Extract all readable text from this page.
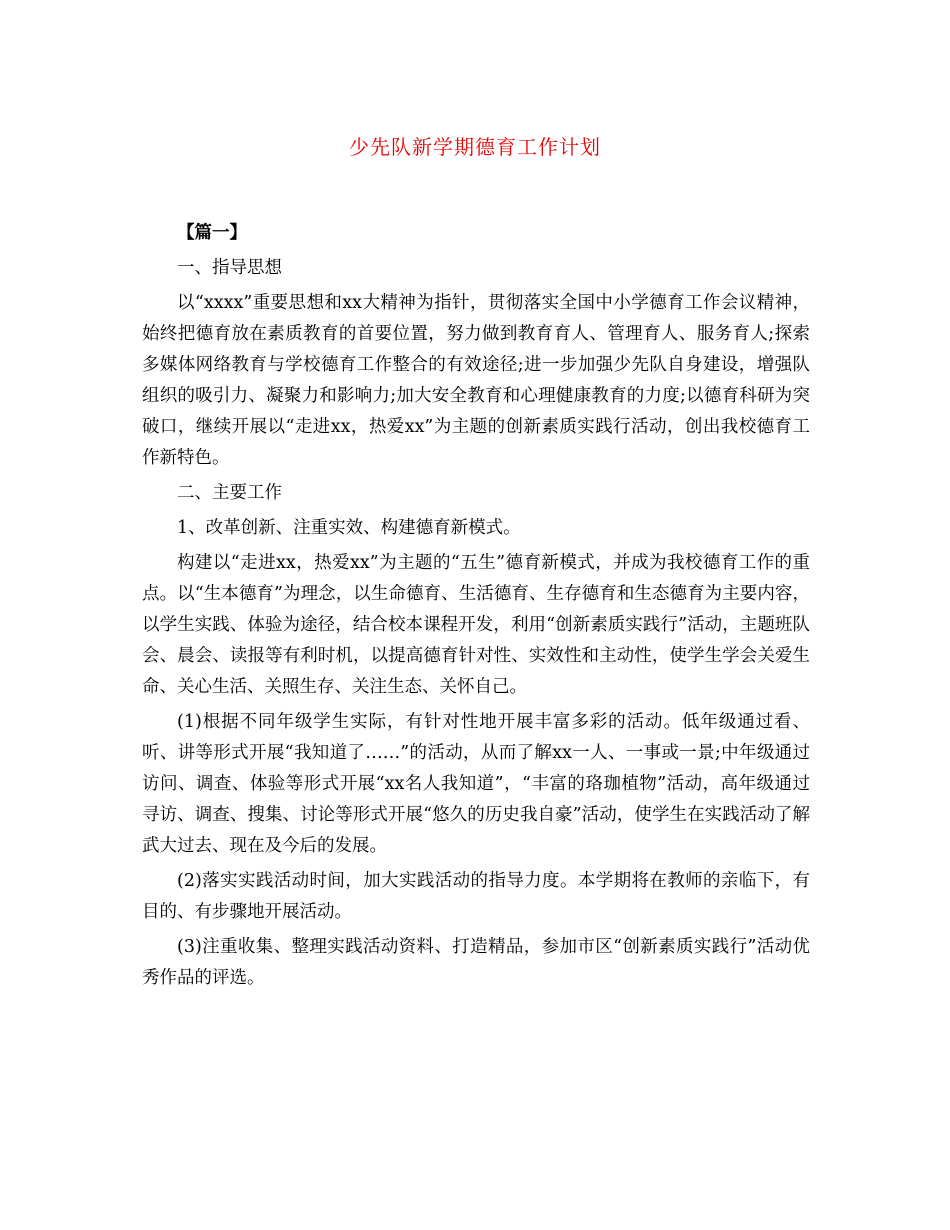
少先队新学期德育工作计划

【篇一】

一、指导思想

以“xxxx”重要思想和xx大精神为指针，贯彻落实全国中小学德育工作会议精神，始终把德育放在素质教育的首要位置，努力做到教育育人、管理育人、服务育人;探索多媒体网络教育与学校德育工作整合的有效途径;进一步加强少先队自身建设，增强队组织的吸引力、凝聚力和影响力;加大安全教育和心理健康教育的力度;以德育科研为突破口，继续开展以“走进xx，热爱xx”为主题的创新素质实践行活动，创出我校德育工作新特色。

二、主要工作

1、改革创新、注重实效、构建德育新模式。

构建以“走进xx，热爱xx”为主题的“五生”德育新模式，并成为我校德育工作的重点。以“生本德育”为理念，以生命德育、生活德育、生存德育和生态德育为主要内容，以学生实践、体验为途径，结合校本课程开发，利用“创新素质实践行”活动，主题班队会、晨会、读报等有利时机，以提高德育针对性、实效性和主动性，使学生学会关爱生命、关心生活、关照生存、关注生态、关怀自己。

(1)根据不同年级学生实际，有针对性地开展丰富多彩的活动。低年级通过看、听、讲等形式开展“我知道了……”的活动，从而了解xx一人、一事或一景;中年级通过访问、调查、体验等形式开展“xx名人我知道”，“丰富的珞珈植物”活动，高年级通过寻访、调查、搜集、讨论等形式开展“悠久的历史我自豪”活动，使学生在实践活动了解武大过去、现在及今后的发展。

(2)落实实践活动时间，加大实践活动的指导力度。本学期将在教师的亲临下，有目的、有步骤地开展活动。

(3)注重收集、整理实践活动资料、打造精品，参加市区“创新素质实践行”活动优秀作品的评选。
